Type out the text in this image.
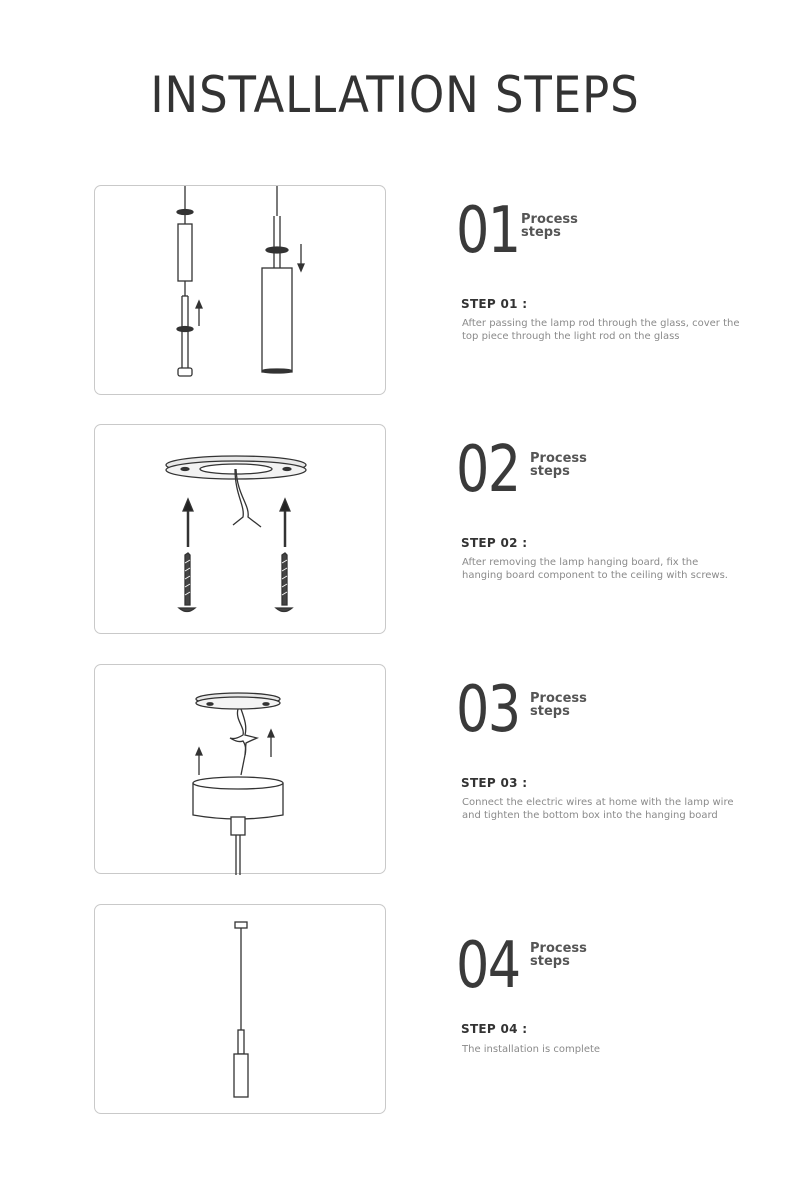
INSTALLATION STEPS
01 Process
steps
STEP 01 :
After passing the lamp rod through the glass, cover the top piece through the light rod on the glass
02 Process
steps
STEP 02 :
After removing the lamp hanging board, fix the hanging board component to the ceiling with screws.
03 Process
steps
STEP 03 :
Connect the electric wires at home with the lamp wire and tighten the bottom box into the hanging board
04 Process
steps
STEP 04 :
The installation is complete
